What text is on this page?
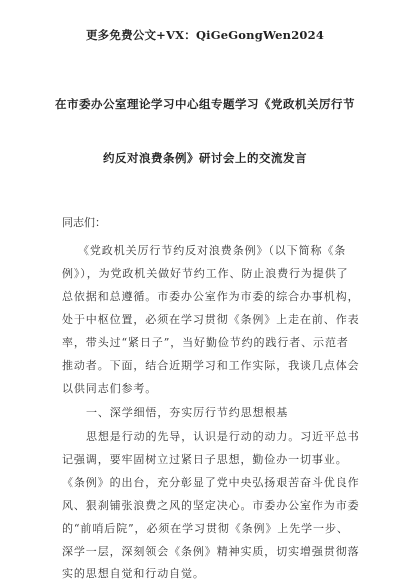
更多免费公文+VX：QiGeGongWen2024
在市委办公室理论学习中心组专题学习《党政机关厉行节
约反对浪费条例》研讨会上的交流发言
同志们：
《党政机关厉行节约反对浪费条例》（以下简称《条
例》），为党政机关做好节约工作、防止浪费行为提供了
总依据和总遵循。市委办公室作为市委的综合办事机构，
处于中枢位置，必须在学习贯彻《条例》上走在前、作表
率，带头过“紧日子”，当好勤俭节约的践行者、示范者
推动者。下面，结合近期学习和工作实际，我谈几点体会
以供同志们参考。
一、深学细悟，夯实厉行节约思想根基
思想是行动的先导，认识是行动的动力。习近平总书
记强调，要牢固树立过紧日子思想，勤俭办一切事业。
《条例》的出台，充分彰显了党中央弘扬艰苦奋斗优良作
风、狠刹铺张浪费之风的坚定决心。市委办公室作为市委
的“前哨后院”，必须在学习贯彻《条例》上先学一步、
深学一层，深刻领会《条例》精神实质，切实增强贯彻落
实的思想自觉和行动自觉。
